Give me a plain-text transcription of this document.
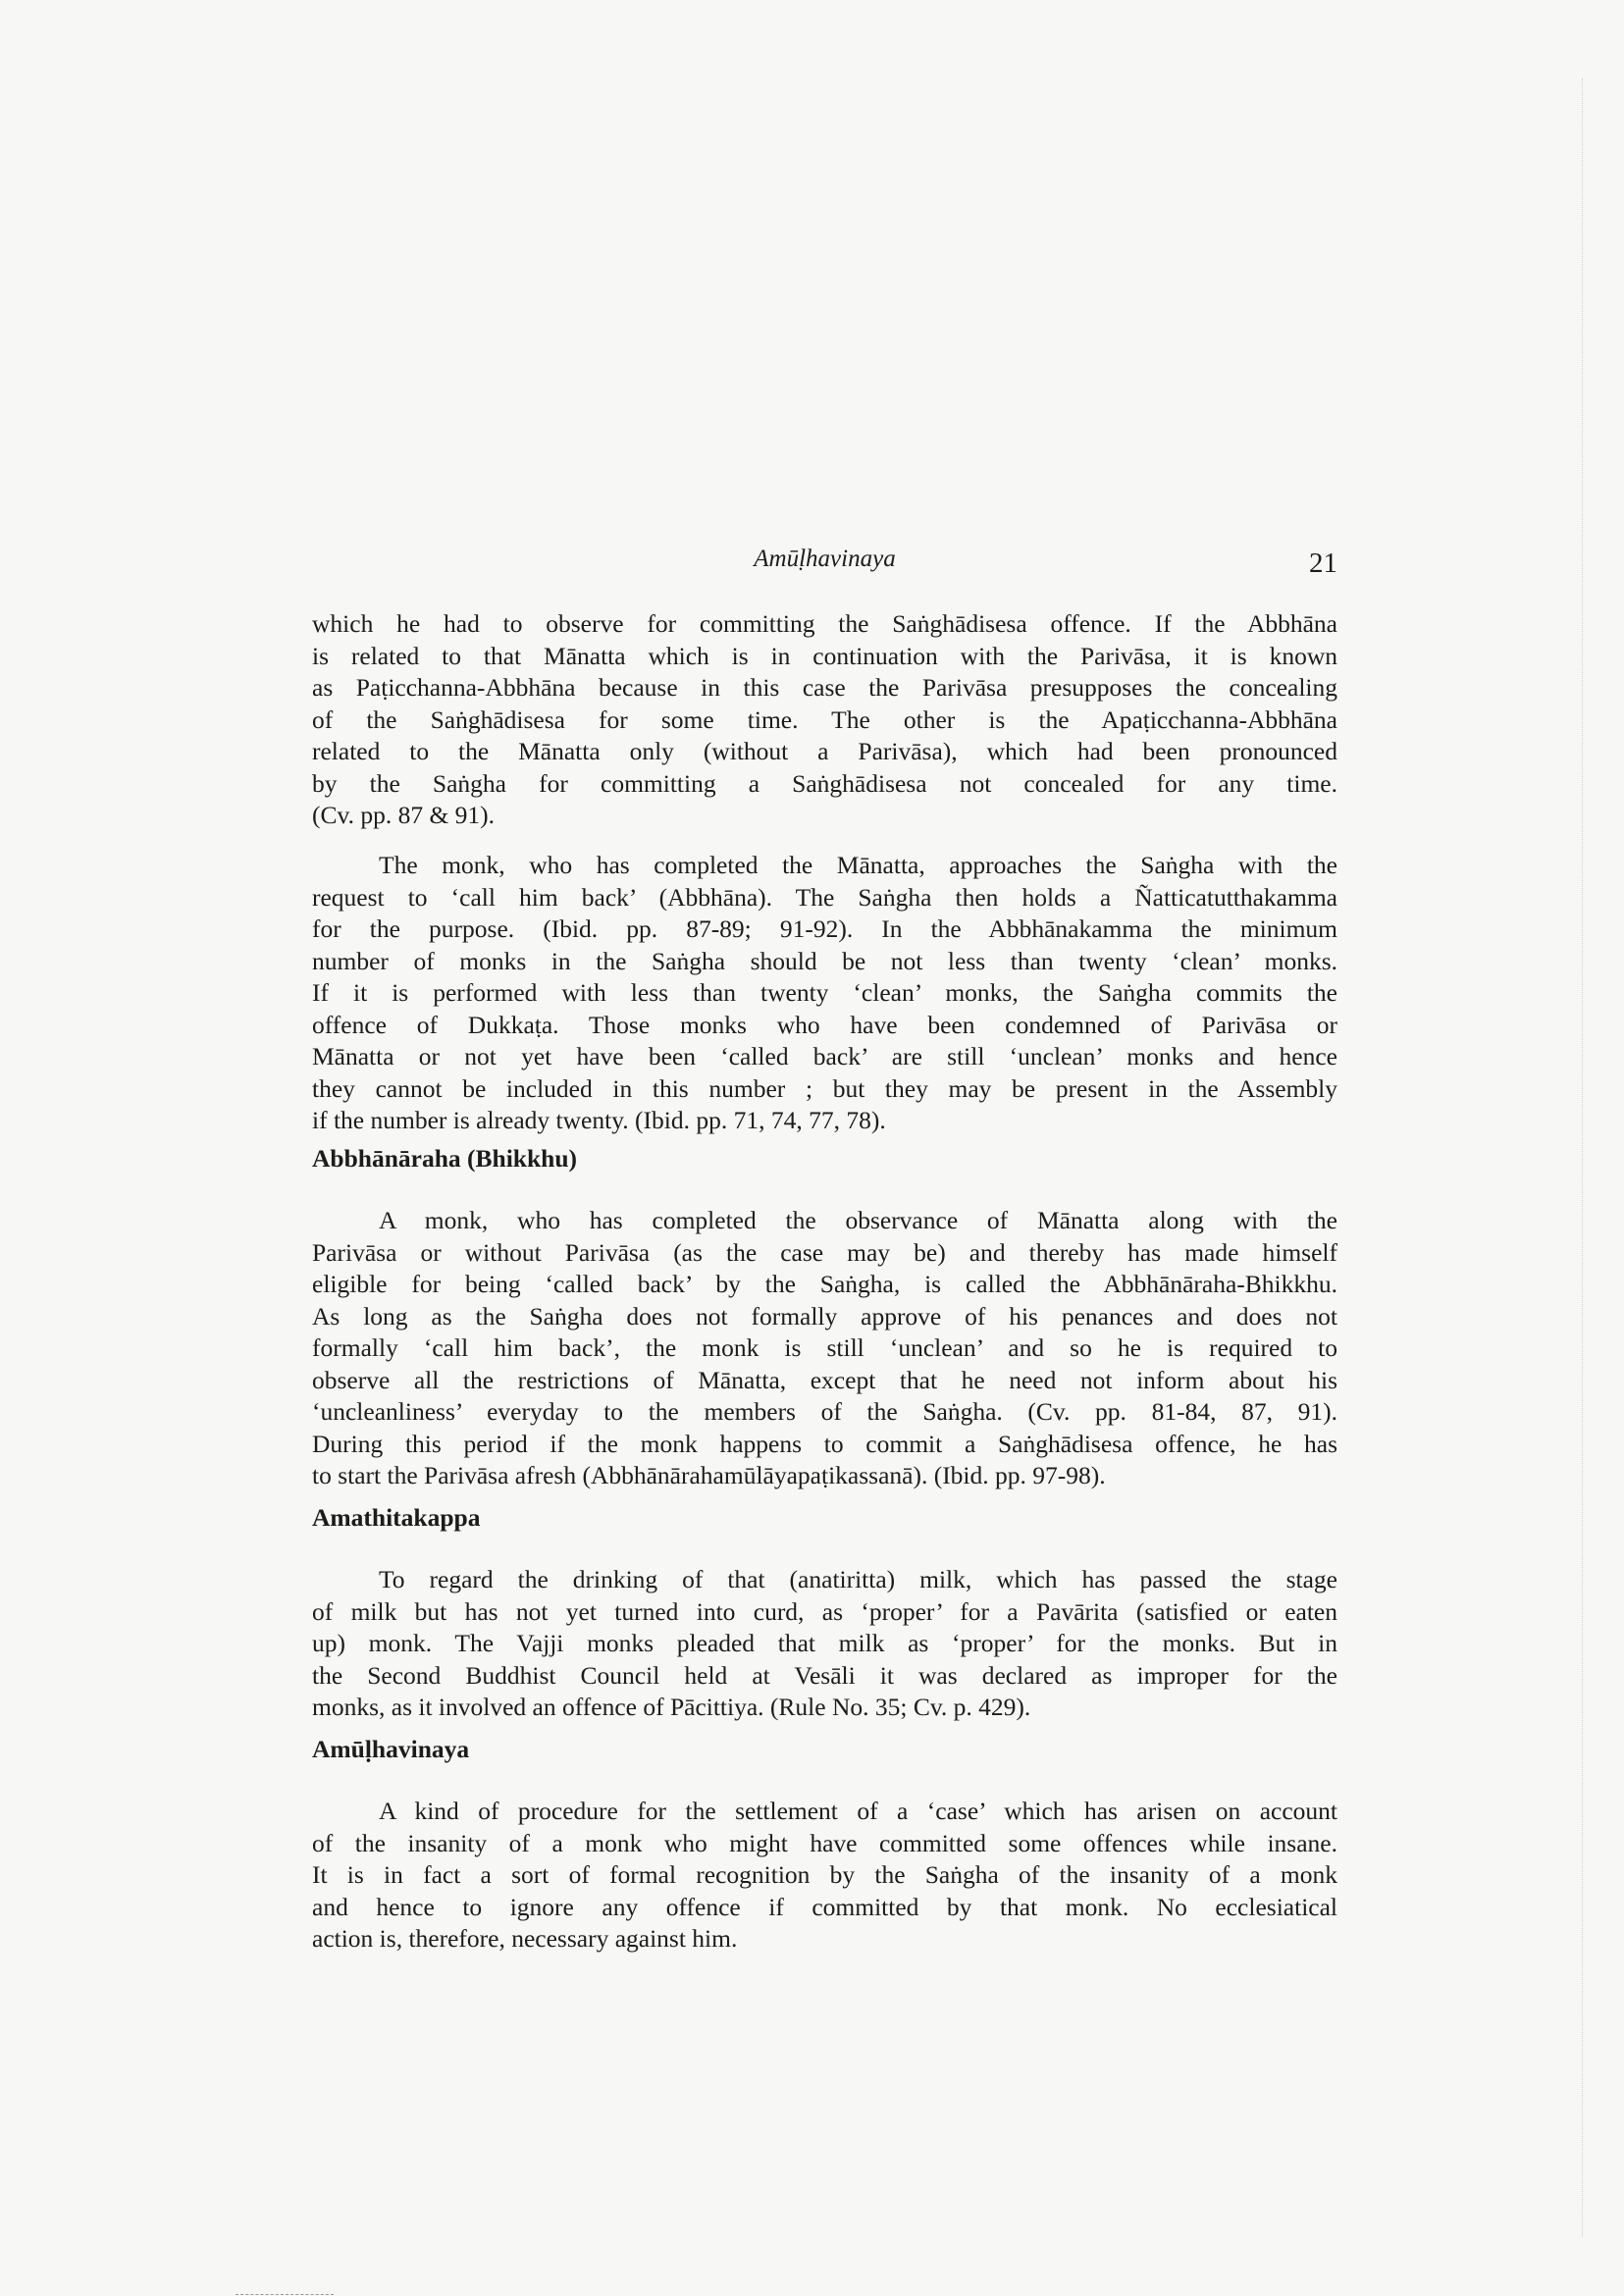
Amūḷhavinaya	21
which he had to observe for committing the Saṅghādisesa offence. If the Abbhāna
is related to that Mānatta which is in continuation with the Parivāsa, it is known
as Paṭicchanna-Abbhāna because in this case the Parivāsa presupposes the concealing
of the Saṅghādisesa for some time. The other is the Apaṭicchanna-Abbhāna
related to the Mānatta only (without a Parivāsa), which had been pronounced
by the Saṅgha for committing a Saṅghādisesa not concealed for any time.
(Cv. pp. 87 & 91).
The monk, who has completed the Mānatta, approaches the Saṅgha with the
request to ‘call him back’ (Abbhāna). The Saṅgha then holds a Ñatticatutthakamma
for the purpose. (Ibid. pp. 87-89; 91-92). In the Abbhānakamma the minimum
number of monks in the Saṅgha should be not less than twenty ‘clean’ monks.
If it is performed with less than twenty ‘clean’ monks, the Saṅgha commits the
offence of Dukkaṭa. Those monks who have been condemned of Parivāsa or
Mānatta or not yet have been ‘called back’ are still ‘unclean’ monks and hence
they cannot be included in this number ; but they may be present in the Assembly
if the number is already twenty. (Ibid. pp. 71, 74, 77, 78).
Abbhānāraha (Bhikkhu)
A monk, who has completed the observance of Mānatta along with the
Parivāsa or without Parivāsa (as the case may be) and thereby has made himself
eligible for being ‘called back’ by the Saṅgha, is called the Abbhānāraha-Bhikkhu.
As long as the Saṅgha does not formally approve of his penances and does not
formally ‘call him back’, the monk is still ‘unclean’ and so he is required to
observe all the restrictions of Mānatta, except that he need not inform about his
‘uncleanliness’ everyday to the members of the Saṅgha. (Cv. pp. 81-84, 87, 91).
During this period if the monk happens to commit a Saṅghādisesa offence, he has
to start the Parivāsa afresh (Abbhānārahamūlāyapaṭikassanā). (Ibid. pp. 97-98).
Amathitakappa
To regard the drinking of that (anatiritta) milk, which has passed the stage
of milk but has not yet turned into curd, as ‘proper’ for a Pavārita (satisfied or eaten
up) monk. The Vajji monks pleaded that milk as ‘proper’ for the monks. But in
the Second Buddhist Council held at Vesāli it was declared as improper for the
monks, as it involved an offence of Pācittiya. (Rule No. 35; Cv. p. 429).
Amūḷhavinaya
A kind of procedure for the settlement of a ‘case’ which has arisen on account
of the insanity of a monk who might have committed some offences while insane.
It is in fact a sort of formal recognition by the Saṅgha of the insanity of a monk
and hence to ignore any offence if committed by that monk. No ecclesiatical
action is, therefore, necessary against him.
